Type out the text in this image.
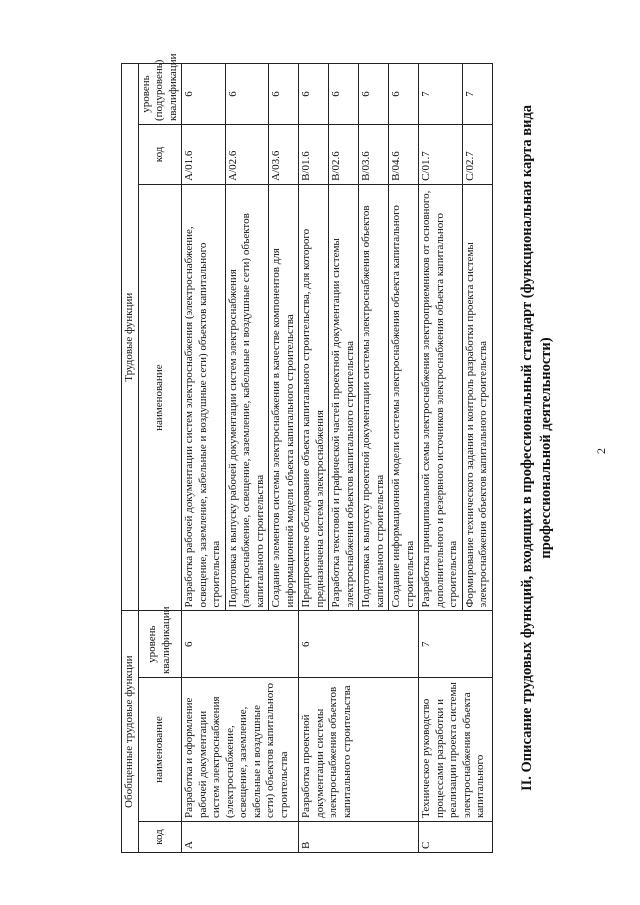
2
II. Описание трудовых функций, входящих в профессиональный стандарт (функциональная карта вида профессиональной деятельности)
Обобщенные трудовые функции			Трудовые функции		
код	наименование	уровень квалификации	наименование	код	уровень (подуровень) квалификации
A	Разработка и оформление рабочей документации систем электроснабжения (электроснабжение, освещение, заземление, кабельные и воздушные сети) объектов капитального строительства	6	Разработка рабочей документации систем электроснабжения (электроснабжение, освещение, заземление, кабельные и воздушные сети) объектов капитального строительства	A/01.6	6
			Подготовка к выпуску рабочей документации систем электроснабжения (электроснабжение, освещение, заземление, кабельные и воздушные сети) объектов капитального строительства	A/02.6	6
			Создание элементов системы электроснабжения в качестве компонентов для информационной модели объекта капитального строительства	A/03.6	6
B	Разработка проектной документации системы электроснабжения объектов капитального строительства	6	Предпроектное обследование объекта капитального строительства, для которого предназначена система электроснабжения	B/01.6	6
			Разработка текстовой и графической частей проектной документации системы электроснабжения объектов капитального строительства	B/02.6	6
			Подготовка к выпуску проектной документации системы электроснабжения объектов капитального строительства	B/03.6	6
			Создание информационной модели системы электроснабжения объекта капитального строительства	B/04.6	6
C	Техническое руководство процессами разработки и реализации проекта системы электроснабжения объекта капитального	7	Разработка принципиальной схемы электроснабжения электроприемников от основного, дополнительного и резервного источников электроснабжения объекта капитального строительства	C/01.7	7
			Формирование технического задания и контроль разработки проекта системы электроснабжения объектов капитального строительства	C/02.7	7
